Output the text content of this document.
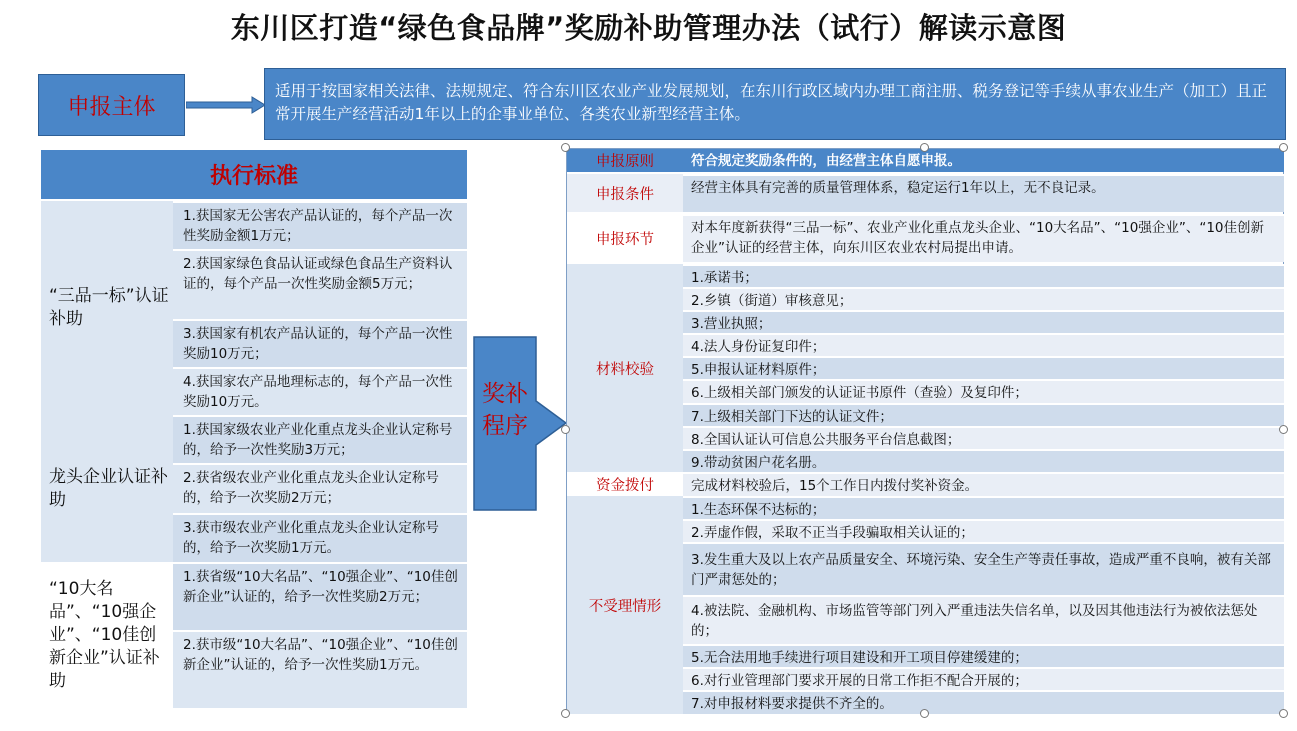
东川区打造“绿色食品牌”奖励补助管理办法（试行）解读示意图
申报主体
适用于按国家相关法律、法规规定、符合东川区农业产业发展规划，在东川行政区域内办理工商注册、税务登记等手续从事农业生产（加工）且正常开展生产经营活动1年以上的企事业单位、各类农业新型经营主体。
执行标准
“三品一标”认证补助
1.获国家无公害农产品认证的，每个产品一次性奖励金额1万元；
2.获国家绿色食品认证或绿色食品生产资料认证的，每个产品一次性奖励金额5万元；
3.获国家有机农产品认证的，每个产品一次性奖励10万元；
4.获国家农产品地理标志的，每个产品一次性奖励10万元。
龙头企业认证补助
1.获国家级农业产业化重点龙头企业认定称号的，给予一次性奖励3万元；
2.获省级农业产业化重点龙头企业认定称号的，给予一次奖励2万元；
3.获市级农业产业化重点龙头企业认定称号的，给予一次奖励1万元。
“10大名品”、“10强企业”、“10佳创新企业”认证补助
1.获省级“10大名品”、“10强企业”、“10佳创新企业”认证的，给予一次性奖励2万元；
2.获市级“10大名品”、“10强企业”、“10佳创新企业”认证的，给予一次性奖励1万元。
奖补程序
申报原则	符合规定奖励条件的，由经营主体自愿申报。
申报条件	经营主体具有完善的质量管理体系，稳定运行1年以上，无不良记录。
申报环节
对本年度新获得“三品一标”、农业产业化重点龙头企业、“10大名品”、“10强企业”、“10佳创新企业”认证的经营主体，向东川区农业农村局提出申请。
材料校验
1.承诺书；
2.乡镇（街道）审核意见；
3.营业执照；
4.法人身份证复印件；
5.申报认证材料原件；
6.上级相关部门颁发的认证证书原件（查验）及复印件；
7.上级相关部门下达的认证文件；
8.全国认证认可信息公共服务平台信息截图；
9.带动贫困户花名册。
资金拨付	完成材料校验后，15个工作日内拨付奖补资金。
不受理情形
1.生态环保不达标的；
2.弄虚作假，采取不正当手段骗取相关认证的；
3.发生重大及以上农产品质量安全、环境污染、安全生产等责任事故，造成严重不良响，被有关部门严肃惩处的；
4.被法院、金融机构、市场监管等部门列入严重违法失信名单，以及因其他违法行为被依法惩处的；
5.无合法用地手续进行项目建设和开工项目停建缓建的；
6.对行业管理部门要求开展的日常工作拒不配合开展的；
7.对申报材料要求提供不齐全的。
